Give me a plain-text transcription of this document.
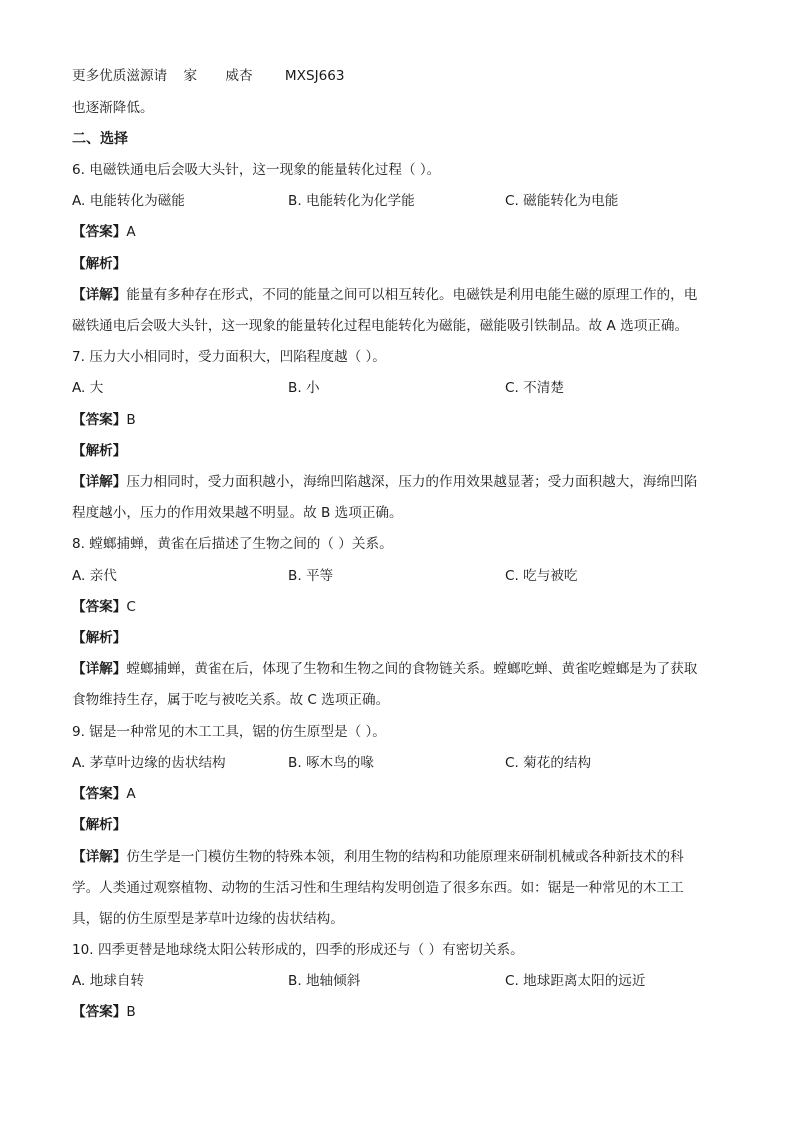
更多优质滋源请 家 威杏 MXSJ663
也逐渐降低。
二、选择
6. 电磁铁通电后会吸大头针，这一现象的能量转化过程（ ）。
A. 电能转化为磁能	B. 电能转化为化学能	C. 磁能转化为电能
【答案】A
【解析】
【详解】能量有多种存在形式，不同的能量之间可以相互转化。电磁铁是利用电能生磁的原理工作的，电
磁铁通电后会吸大头针，这一现象的能量转化过程电能转化为磁能，磁能吸引铁制品。故 A 选项正确。
7. 压力大小相同时，受力面积大，凹陷程度越（ ）。
A. 大	B. 小	C. 不清楚
【答案】B
【解析】
【详解】压力相同时，受力面积越小，海绵凹陷越深，压力的作用效果越显著；受力面积越大，海绵凹陷
程度越小，压力的作用效果越不明显。故 B 选项正确。
8. 螳螂捕蝉，黄雀在后描述了生物之间的（ ）关系。
A. 亲代	B. 平等	C. 吃与被吃
【答案】C
【解析】
【详解】螳螂捕蝉，黄雀在后，体现了生物和生物之间的食物链关系。螳螂吃蝉、黄雀吃螳螂是为了获取
食物维持生存，属于吃与被吃关系。故 C 选项正确。
9. 锯是一种常见的木工工具，锯的仿生原型是（ ）。
A. 茅草叶边缘的齿状结构	B. 啄木鸟的喙	C. 菊花的结构
【答案】A
【解析】
【详解】仿生学是一门模仿生物的特殊本领，利用生物的结构和功能原理来研制机械或各种新技术的科
学。人类通过观察植物、动物的生活习性和生理结构发明创造了很多东西。如：锯是一种常见的木工工
具，锯的仿生原型是茅草叶边缘的齿状结构。
10. 四季更替是地球绕太阳公转形成的，四季的形成还与（ ）有密切关系。
A. 地球自转	B. 地轴倾斜	C. 地球距离太阳的远近
【答案】B
